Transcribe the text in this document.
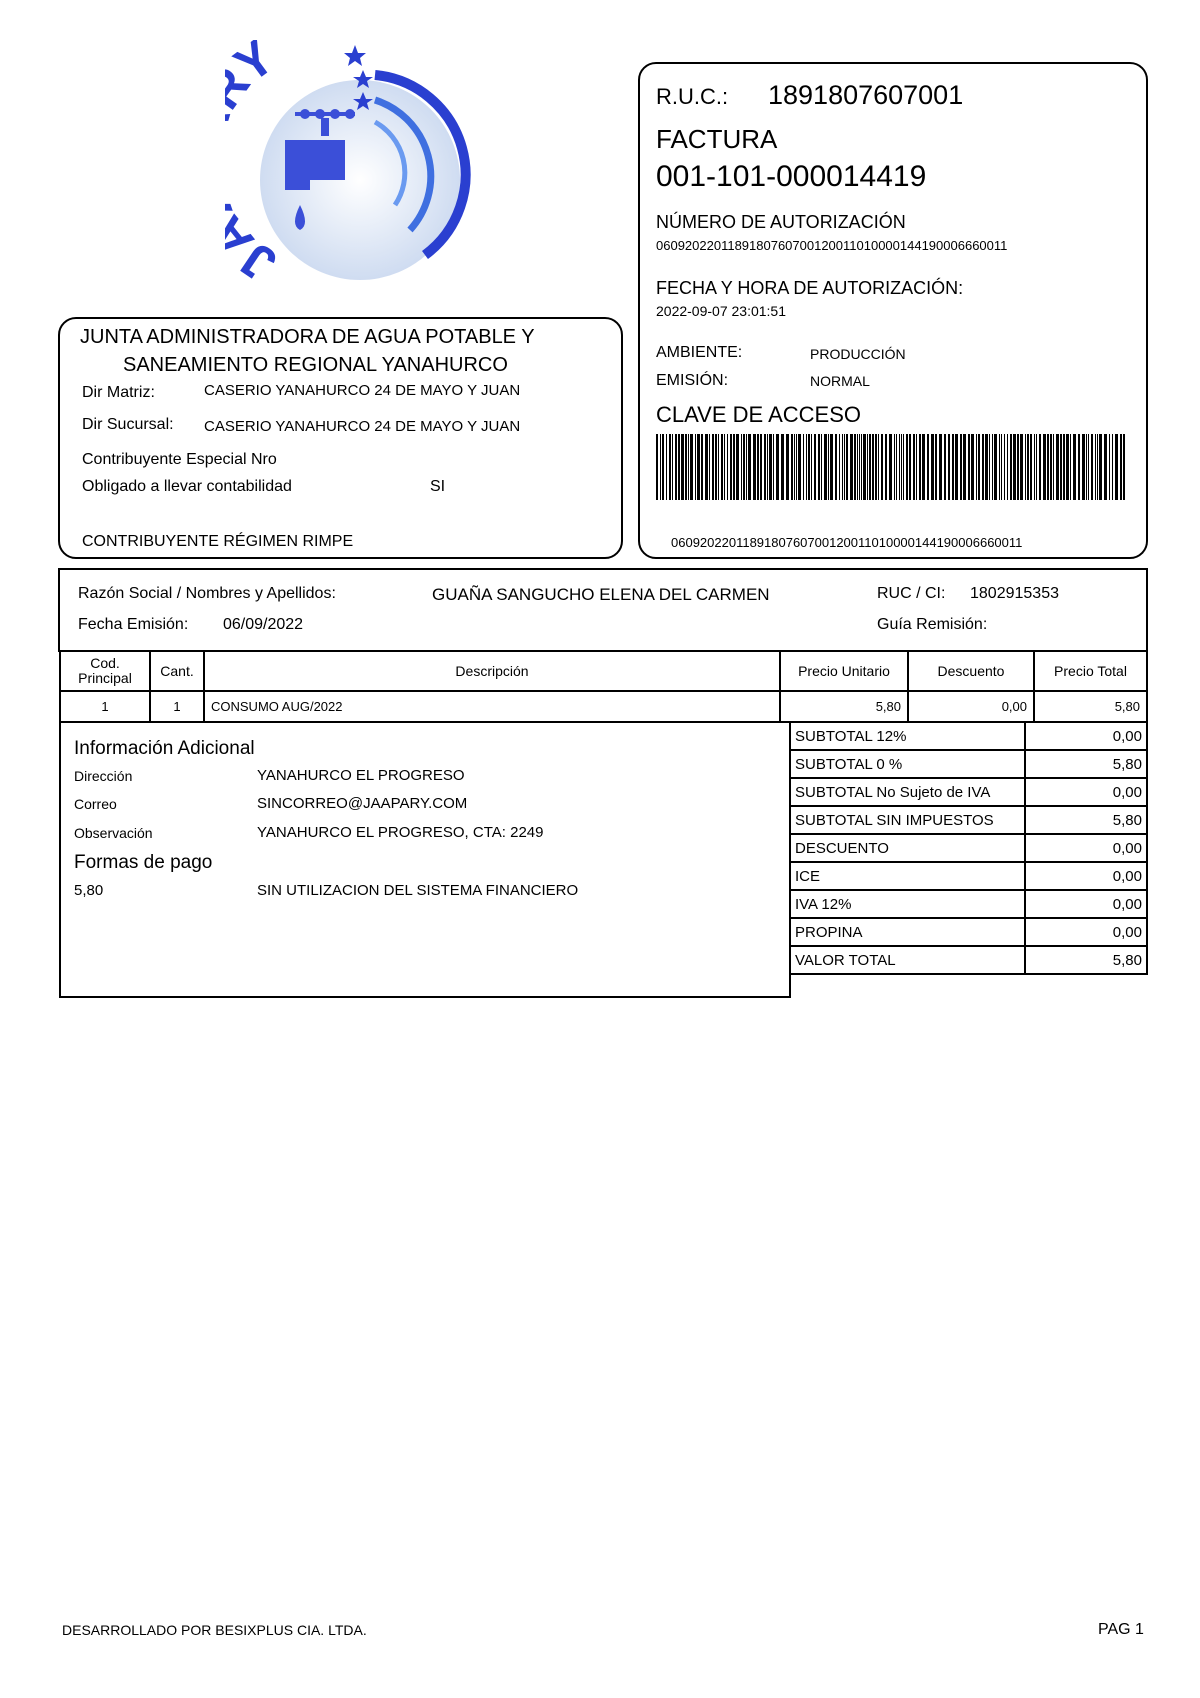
J Y
JUNTA ADMINISTRADORA DE AGUA POTABLE Y
SANEAMIENTO REGIONAL YANAHURCO
Dir Matriz:	CASERIO YANAHURCO 24 DE MAYO Y JUAN
Dir Sucursal: CASERIO YANAHURCO 24 DE MAYO Y JUAN
Contribuyente Especial Nro
Obligado a llevar contabilidad	SI
CONTRIBUYENTE RÉGIMEN RIMPE
R.U.C.: 1891807607001
FACTURA
001-101-000014419
NÚMERO DE AUTORIZACIÓN
0609202201189180760700120011010000144190006660011
FECHA Y HORA DE AUTORIZACIÓN:
2022-09-07 23:01:51
AMBIENTE:	PRODUCCIÓN
EMISIÓN:	NORMAL
CLAVE DE ACCESO
0609202201189180760700120011010000144190006660011
Razón Social / Nombres y Apellidos:	GUAÑA SANGUCHO ELENA DEL CARMEN	RUC / CI: 1802915353
Fecha Emisión: 06/09/2022	Guía Remisión:
Cod.
Principal	Cant.	Descripción	Precio Unitario	Descuento	Precio Total
1	1	CONSUMO AUG/2022	5,80	0,00	5,80
Información Adicional
Dirección	YANAHURCO EL PROGRESO
Correo	SINCORREO@JAAPARY.COM
Observación	YANAHURCO EL PROGRESO, CTA: 2249
Formas de pago
5,80	SIN UTILIZACION DEL SISTEMA FINANCIERO
SUBTOTAL 12%	0,00
SUBTOTAL 0 %	5,80
SUBTOTAL No Sujeto de IVA	0,00
SUBTOTAL SIN IMPUESTOS	5,80
DESCUENTO	0,00
ICE	0,00
IVA 12%	0,00
PROPINA	0,00
VALOR TOTAL	5,80
DESARROLLADO POR BESIXPLUS CIA. LTDA.	PAG 1
